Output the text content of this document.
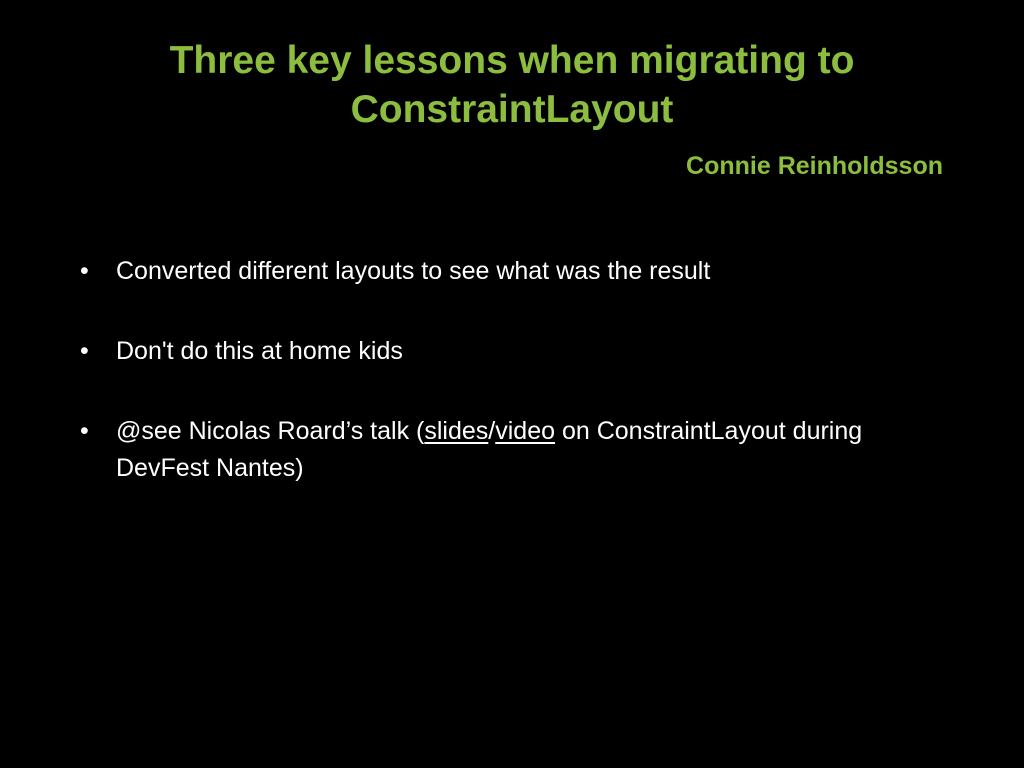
Three key lessons when migrating to
ConstraintLayout
Connie Reinholdsson
• Converted different layouts to see what was the result
• Don't do this at home kids
• @see Nicolas Roard’s talk (slides/video on ConstraintLayout during DevFest Nantes)
